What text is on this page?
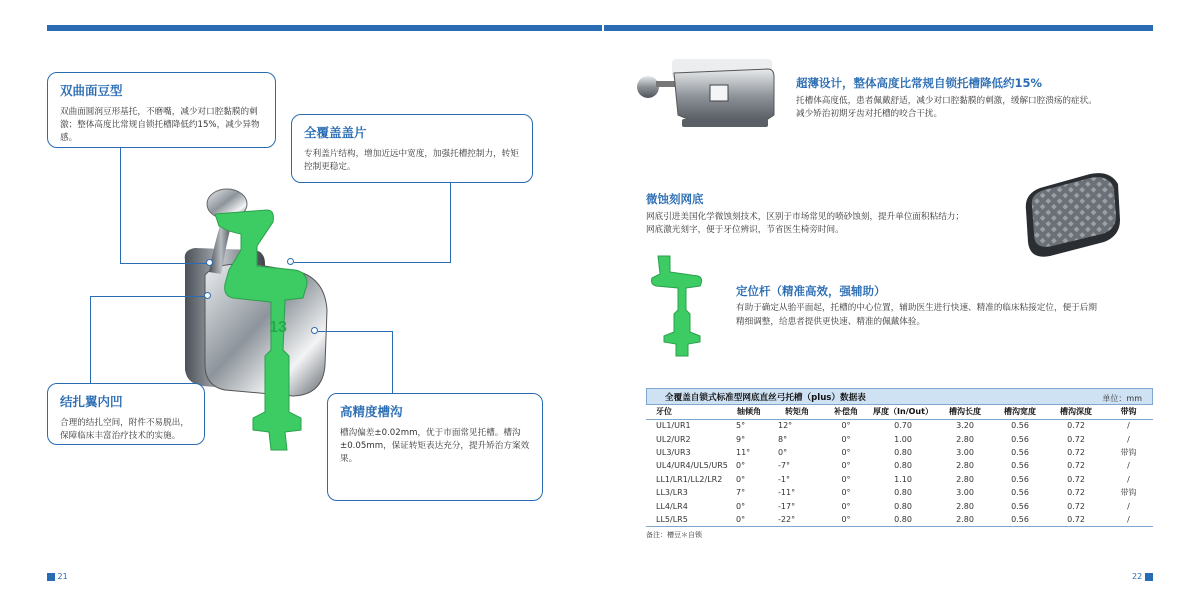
13
双曲面豆型

双曲面圆润豆形基托，不磨嘴，减少对口腔黏膜的刺激；整体高度比常规自锁托槽降低约15%，减少异物感。	全覆盖盖片

专利盖片结构，增加近远中宽度，加强托槽控制力，转矩控制更稳定。

结扎翼内凹

合理的结扎空间，附件不易脱出，保障临床丰富治疗技术的实施。

高精度槽沟

槽沟偏差±0.02mm，优于市面常见托槽。槽沟±0.05mm，保证转矩表达充分，提升矫治方案效果。

超薄设计，整体高度比常规自锁托槽降低约15%
托槽体高度低，患者佩戴舒适，减少对口腔黏膜的刺激，缓解口腔溃疡的症状。
减少矫治初期牙齿对托槽的咬合干扰。
微蚀刻网底
网底引进美国化学微蚀刻技术，区别于市场常见的喷砂蚀刻，提升单位面积粘结力；
网底激光刻字，便于牙位辨识，节省医生椅旁时间。
定位杆（精准高效，强辅助）
有助于确定从骀平面起，托槽的中心位置，辅助医生进行快速、精准的临床粘接定位，便于后期
精细调整，给患者提供更快速、精准的佩戴体验。
全覆盖自锁式标准型网底直丝弓托槽（plus）数据表	单位：mm
牙位	轴倾角	转矩角	补偿角	厚度（In/Out）	槽沟长度	槽沟宽度	槽沟深度	带钩
UL1/UR1	5°	12°	0°	0.70	3.20	0.56	0.72	/
UL2/UR2	9°	8°	0°	1.00	2.80	0.56	0.72	/
UL3/UR3	11°	0°	0°	0.80	3.00	0.56	0.72	带钩
UL4/UR4/UL5/UR5	0°	-7°	0°	0.80	2.80	0.56	0.72	/
LL1/LR1/LL2/LR2	0°	-1°	0°	1.10	2.80	0.56	0.72	/
LL3/LR3	7°	-11°	0°	0.80	3.00	0.56	0.72	带钩
LL4/LR4	0°	-17°	0°	0.80	2.80	0.56	0.72	/
LL5/LR5	0°	-22°	0°	0.80	2.80	0.56	0.72	/
备注：槽豆＊自锁
21	22
